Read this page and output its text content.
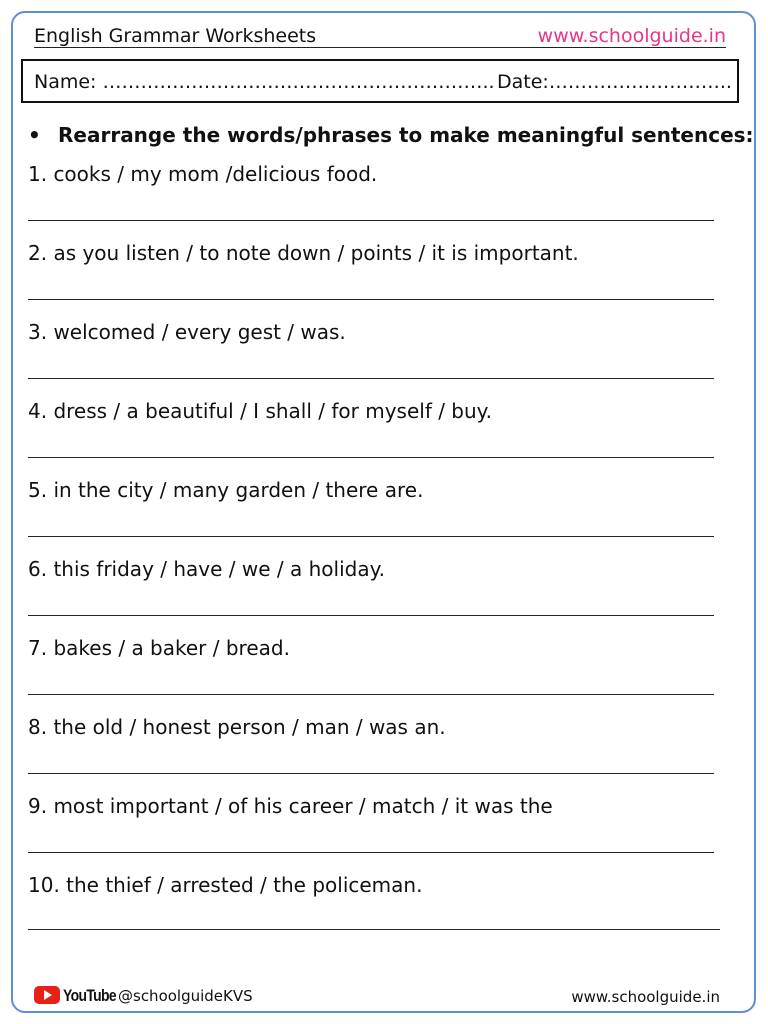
English Grammar Worksheets	www.schoolguide.in
Name: …………………………………………………….. Date:………………………..
• Rearrange the words/phrases to make meaningful sentences:
1. cooks / my mom /delicious food.
2. as you listen / to note down / points / it is important.
3. welcomed / every gest / was.
4. dress / a beautiful / I shall / for myself / buy.
5. in the city / many garden / there are.
6. this friday / have / we / a holiday.
7. bakes / a baker / bread.
8. the old / honest person / man / was an.
9. most important / of his career / match / it was the
10. the thief / arrested / the policeman.
YouTube @schoolguideKVS	www.schoolguide.in
